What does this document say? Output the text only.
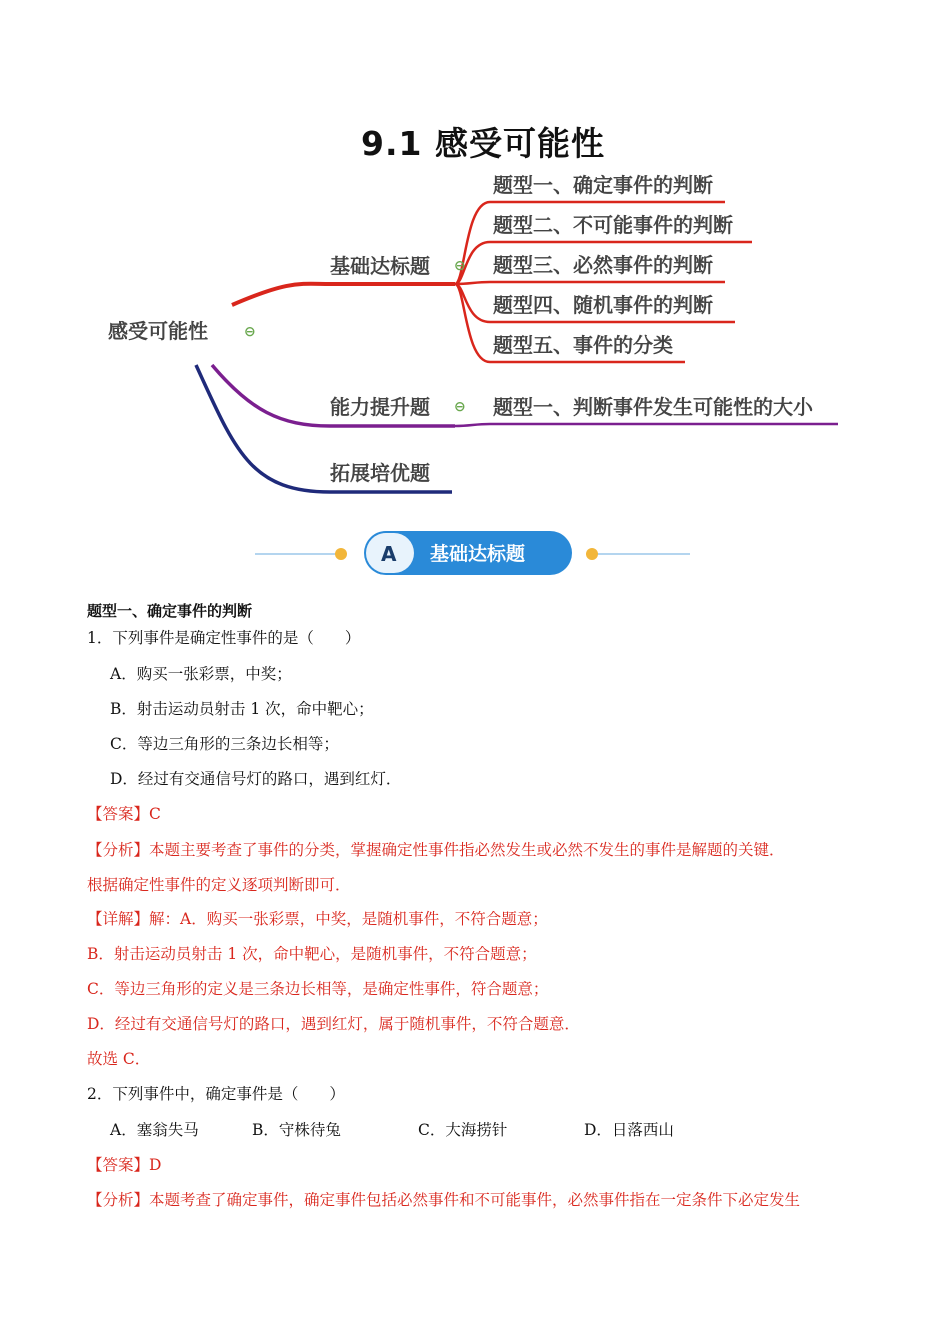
9.1 感受可能性
感受可能性	⊖
基础达标题 ⊖
能力提升题 ⊖
拓展培优题
题型一、确定事件的判断
题型二、不可能事件的判断
题型三、必然事件的判断
题型四、随机事件的判断
题型五、事件的分类
题型一、判断事件发生可能性的大小
A 基础达标题
题型一、确定事件的判断
1．下列事件是确定性事件的是（　　）
A．购买一张彩票，中奖；
B．射击运动员射击 1 次，命中靶心；
C．等边三角形的三条边长相等；
D．经过有交通信号灯的路口，遇到红灯．
【答案】C
【分析】本题主要考查了事件的分类，掌握确定性事件指必然发生或必然不发生的事件是解题的关键．
根据确定性事件的定义逐项判断即可．
【详解】解：A．购买一张彩票，中奖，是随机事件，不符合题意；
B．射击运动员射击 1 次，命中靶心，是随机事件，不符合题意；
C．等边三角形的定义是三条边长相等，是确定性事件，符合题意；
D．经过有交通信号灯的路口，遇到红灯，属于随机事件，不符合题意．
故选 C．
2．下列事件中，确定事件是（　　）
A．塞翁失马	B．守株待兔	C．大海捞针	D．日落西山
【答案】D
【分析】本题考查了确定事件，确定事件包括必然事件和不可能事件，必然事件指在一定条件下必定发生
